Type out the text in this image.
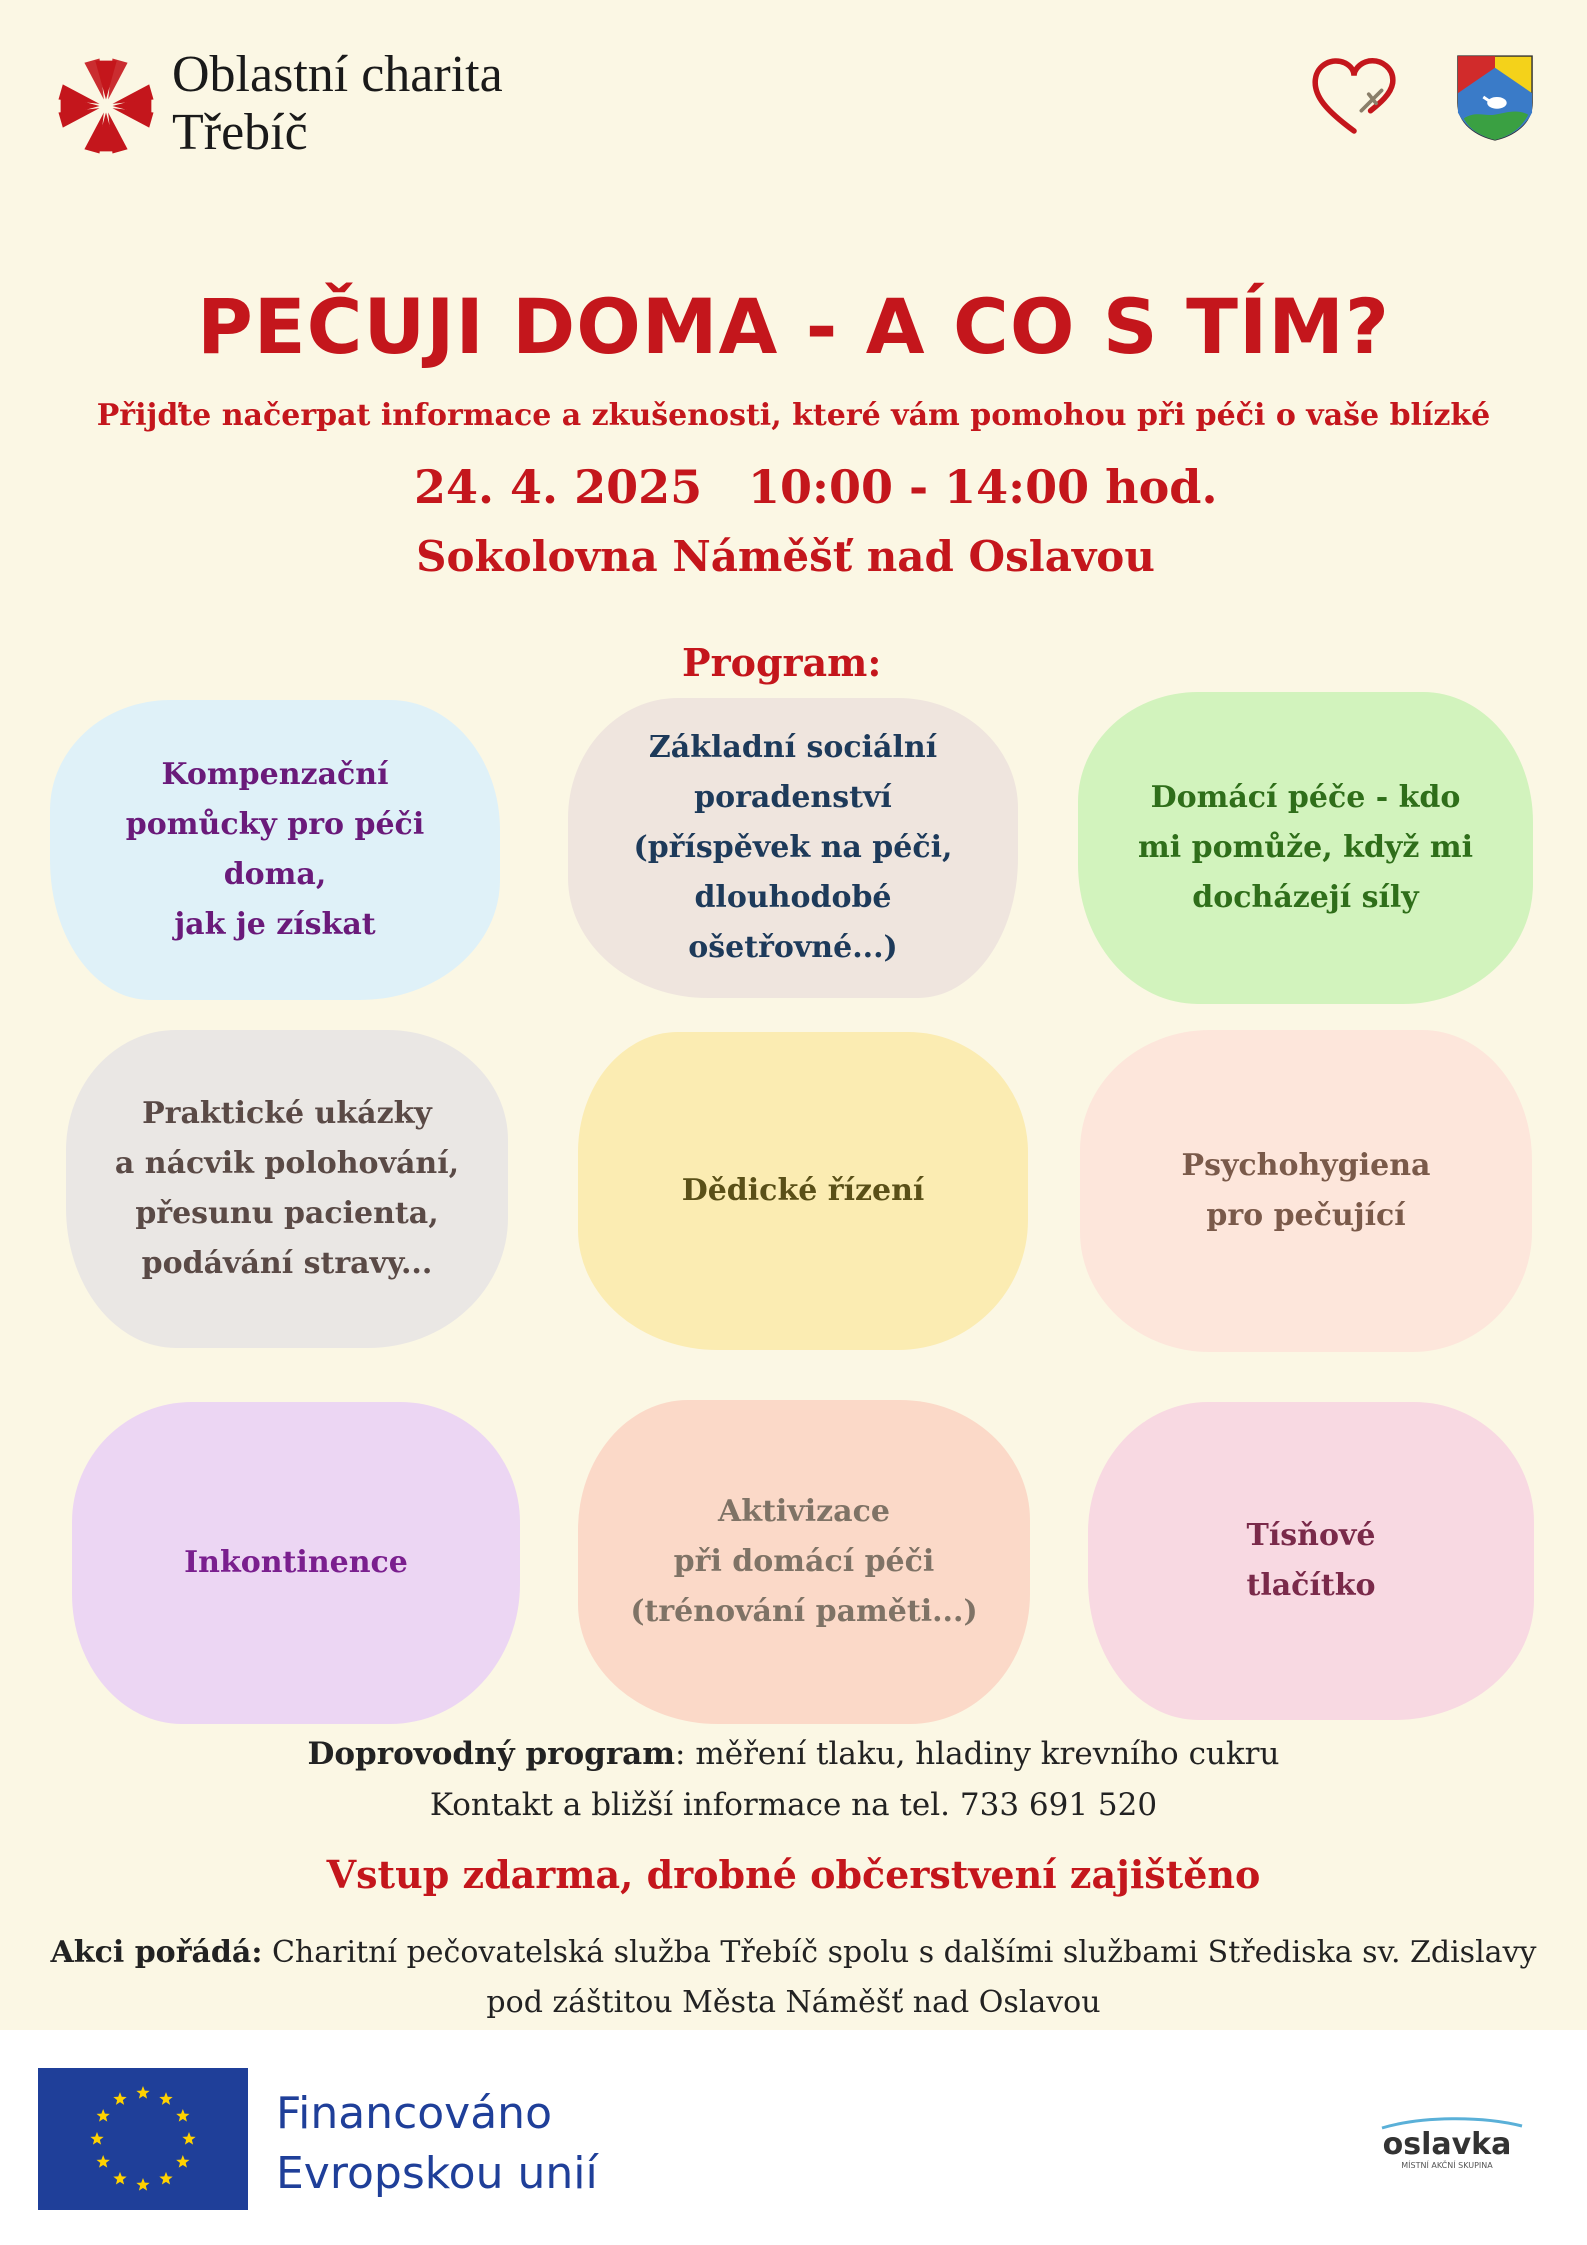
Oblastní charita
Třebíč
PEČUJI DOMA - A CO S TÍM?
Přijďte načerpat informace a zkušenosti, které vám pomohou při péči o vaše blízké
24. 4. 2025 10:00 - 14:00 hod.
Sokolovna Náměšť nad Oslavou
Program:
Kompenzační
pomůcky pro péči
doma,
jak je získat
Základní sociální
poradenství
(příspěvek na péči,
dlouhodobé
ošetřovné...)
Domácí péče - kdo
mi pomůže, když mi
docházejí síly
Praktické ukázky
a nácvik polohování,
přesunu pacienta,
podávání stravy...
Dědické řízení
Psychohygiena
pro pečující
Inkontinence
Aktivizace
při domácí péči
(trénování paměti...)
Tísňové
tlačítko
Doprovodný program: měření tlaku, hladiny krevního cukru
Kontakt a bližší informace na tel. 733 691 520
Vstup zdarma, drobné občerstvení zajištěno
Akci pořádá: Charitní pečovatelská služba Třebíč spolu s dalšími službami Střediska sv. Zdislavy
pod záštitou Města Náměšť nad Oslavou
Financováno
Evropskou unií
oslavka
MÍSTNÍ AKČNÍ SKUPINA
